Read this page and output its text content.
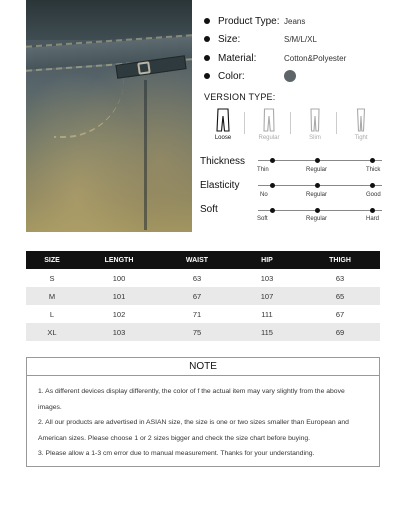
Product Type: Jeans
Size:	S/M/L/XL
Material:	Cotton&Polyester
Color:
VERSION TYPE:
Loose	Regular	Slim	Tight
Thickness
Thin	Regular	Thick
Elasticity
No	Regular	Good
Soft
Soft	Regular	Hard
SIZE	LENGTH	WAIST	HIP	THIGH
S	100	63	103	63
M	101	67	107	65
L	102	71	111	67
XL	103	75	115	69
NOTE
1. As different devices display differently, the color of f the actual item may vary slightly from the above
images.
2. All our products are advertised in ASIAN size, the size is one or two sizes smaller than European and
American sizes. Please choose 1 or 2 sizes bigger and check the size chart before buying.
3. Please allow a 1-3 cm error due to manual measurement. Thanks for your understanding.
